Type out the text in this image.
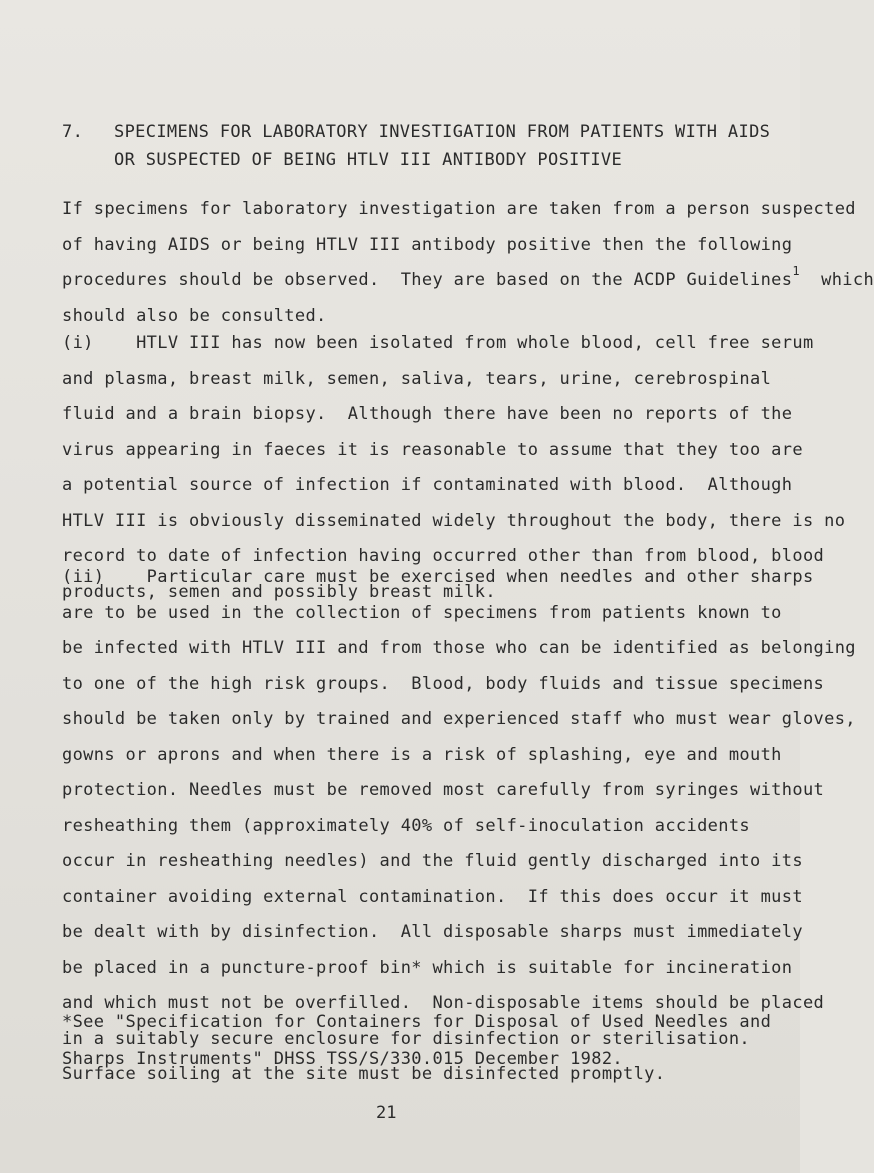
7. SPECIMENS FOR LABORATORY INVESTIGATION FROM PATIENTS WITH AIDS
OR SUSPECTED OF BEING HTLV III ANTIBODY POSITIVE
If specimens for laboratory investigation are taken from a person suspected
of having AIDS or being HTLV III antibody positive then the following
procedures should be observed.  They are based on the ACDP Guidelines$^1$ which
should also be consulted.
(i)    HTLV III has now been isolated from whole blood, cell free serum
and plasma, breast milk, semen, saliva, tears, urine, cerebrospinal
fluid and a brain biopsy.  Although there have been no reports of the
virus appearing in faeces it is reasonable to assume that they too are
a potential source of infection if contaminated with blood.  Although
HTLV III is obviously disseminated widely throughout the body, there is no
record to date of infection having occurred other than from blood, blood
products, semen and possibly breast milk.
(ii)    Particular care must be exercised when needles and other sharps
are to be used in the collection of specimens from patients known to
be infected with HTLV III and from those who can be identified as belonging
to one of the high risk groups.  Blood, body fluids and tissue specimens
should be taken only by trained and experienced staff who must wear gloves,
gowns or aprons and when there is a risk of splashing, eye and mouth
protection. Needles must be removed most carefully from syringes without
resheathing them (approximately 40% of self-inoculation accidents
occur in resheathing needles) and the fluid gently discharged into its
container avoiding external contamination.  If this does occur it must
be dealt with by disinfection.  All disposable sharps must immediately
be placed in a puncture-proof bin* which is suitable for incineration
and which must not be overfilled.  Non-disposable items should be placed
in a suitably secure enclosure for disinfection or sterilisation.
Surface soiling at the site must be disinfected promptly.
*See "Specification for Containers for Disposal of Used Needles and
Sharps Instruments" DHSS TSS/S/330.015 December 1982.
21
